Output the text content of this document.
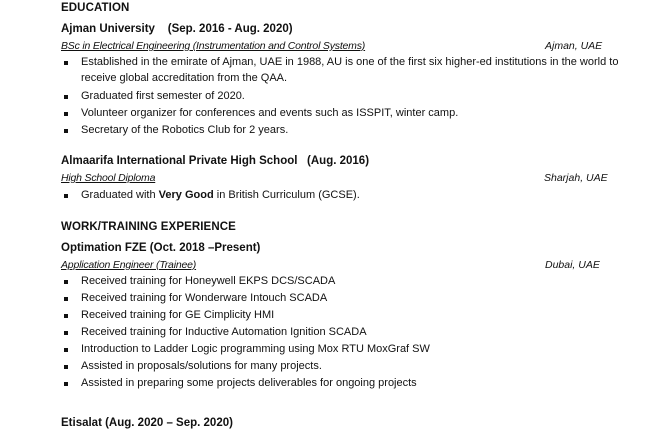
EDUCATION
Ajman University (Sep. 2016 - Aug. 2020)
BSc in Electrical Engineering (Instrumentation and Control Systems)	Ajman, UAE
Established in the emirate of Ajman, UAE in 1988, AU is one of the first six higher-ed institutions in the world to receive global accreditation from the QAA.
Graduated first semester of 2020.
Volunteer organizer for conferences and events such as ISSPIT, winter camp.
Secretary of the Robotics Club for 2 years.
Almaarifa International Private High School (Aug. 2016)
High School Diploma	Sharjah, UAE
Graduated with Very Good in British Curriculum (GCSE).
WORK/TRAINING EXPERIENCE
Optimation FZE (Oct. 2018 –Present)
Application Engineer (Trainee)	Dubai, UAE
Received training for Honeywell EKPS DCS/SCADA
Received training for Wonderware Intouch SCADA
Received training for GE Cimplicity HMI
Received training for Inductive Automation Ignition SCADA
Introduction to Ladder Logic programming using Mox RTU MoxGraf SW
Assisted in proposals/solutions for many projects.
Assisted in preparing some projects deliverables for ongoing projects
Etisalat (Aug. 2020 – Sep. 2020)
